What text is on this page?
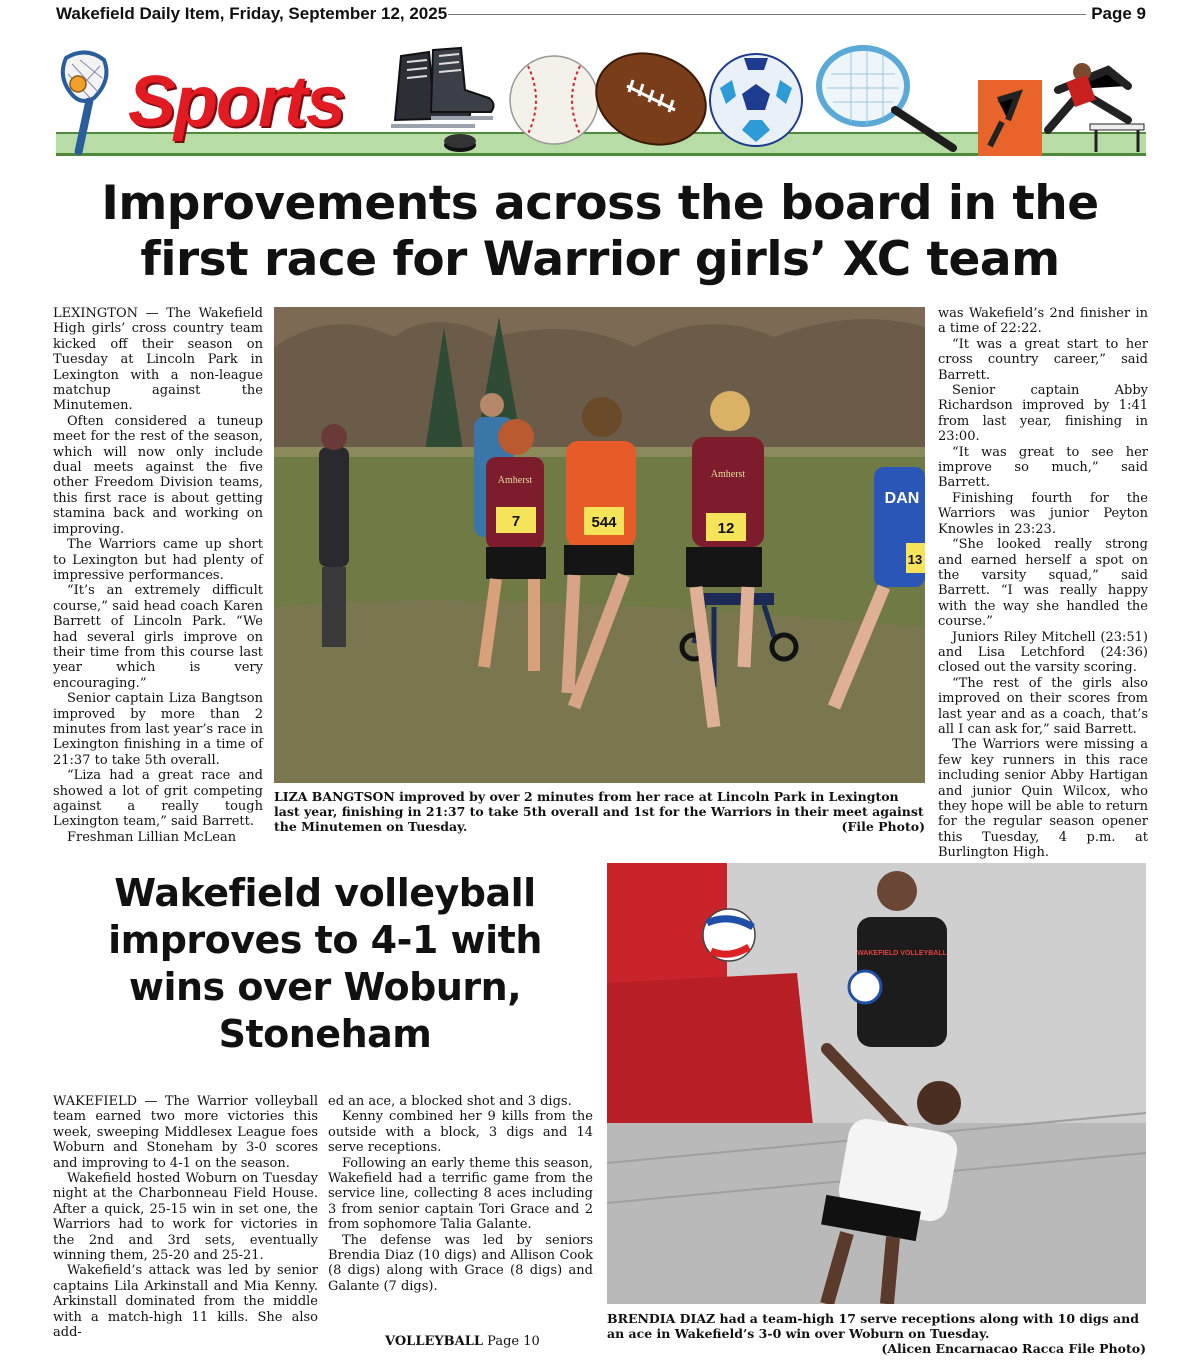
Wakefield Daily Item, Friday, September 12, 2025	Page 9
Sports
Improvements across the board in the first race for Warrior girls’ XC team

LEXINGTON — The Wakefield High girls’ cross country team kicked off their season on Tuesday at Lincoln Park in Lexington with a non-league matchup against the Minutemen.

Often considered a tuneup meet for the rest of the season, which will now only include dual meets against the five other Freedom Division teams, this first race is about getting stamina back and working on improving.

The Warriors came up short to Lexington but had plenty of impressive performances.

“It’s an extremely difficult course,” said head coach Karen Barrett of Lincoln Park. “We had several girls improve on their time from this course last year which is very encouraging.”

Senior captain Liza Bangtson improved by more than 2 minutes from last year’s race in Lexington finishing in a time of 21:37 to take 5th overall.

“Liza had a great race and showed a lot of grit competing against a really tough Lexington team,” said Barrett.

Freshman Lillian McLean

7
Amherst
544	12
Amherst
DAN
13
LIZA BANGTSON improved by over 2 minutes from her race at Lincoln Park in Lexington last year, finishing in 21:37 to take 5th overall and 1st for the Warriors in their meet against the Minutemen on Tuesday.	(File Photo)

was Wakefield’s 2nd finisher in a time of 22:22.

“It was a great start to her cross country career,” said Barrett.

Senior captain Abby Richardson improved by 1:41 from last year, finishing in 23:00.

“It was great to see her improve so much,” said Barrett.

Finishing fourth for the Warriors was junior Peyton Knowles in 23:23.

“She looked really strong and earned herself a spot on the varsity squad,” said Barrett. “I was really happy with the way she handled the course.”

Juniors Riley Mitchell (23:51) and Lisa Letchford (24:36) closed out the varsity scoring.

“The rest of the girls also improved on their scores from last year and as a coach, that’s all I can ask for,” said Barrett.

The Warriors were missing a few key runners in this race including senior Abby Hartigan and junior Quin Wilcox, who they hope will be able to return for the regular season opener this Tuesday, 4 p.m. at Burlington High.

Wakefield volleyball improves to 4-1 with wins over Woburn, Stoneham

WAKEFIELD — The Warrior volleyball team earned two more victories this week, sweeping Middlesex League foes Woburn and Stoneham by 3-0 scores and improving to 4-1 on the season.

Wakefield hosted Woburn on Tuesday night at the Charbonneau Field House. After a quick, 25-15 win in set one, the Warriors had to work for victories in the 2nd and 3rd sets, eventually winning them, 25-20 and 25-21.

Wakefield’s attack was led by senior captains Lila Arkinstall and Mia Kenny. Arkinstall dominated from the middle with a match-high 11 kills. She also add-

ed an ace, a blocked shot and 3 digs.

Kenny combined her 9 kills from the outside with a block, 3 digs and 14 serve receptions.

Following an early theme this season, Wakefield had a terrific game from the service line, collecting 8 aces including 3 from senior captain Tori Grace and 2 from sophomore Talia Galante.

The defense was led by seniors Brendia Diaz (10 digs) and Allison Cook (8 digs) along with Grace (8 digs) and Galante (7 digs).

VOLLEYBALL Page 10
WAKEFIELD VOLLEYBALL
BRENDIA DIAZ had a team-high 17 serve receptions along with 10 digs and an ace in Wakefield’s 3-0 win over Woburn on Tuesday.
(Alicen Encarnacao Racca File Photo)
